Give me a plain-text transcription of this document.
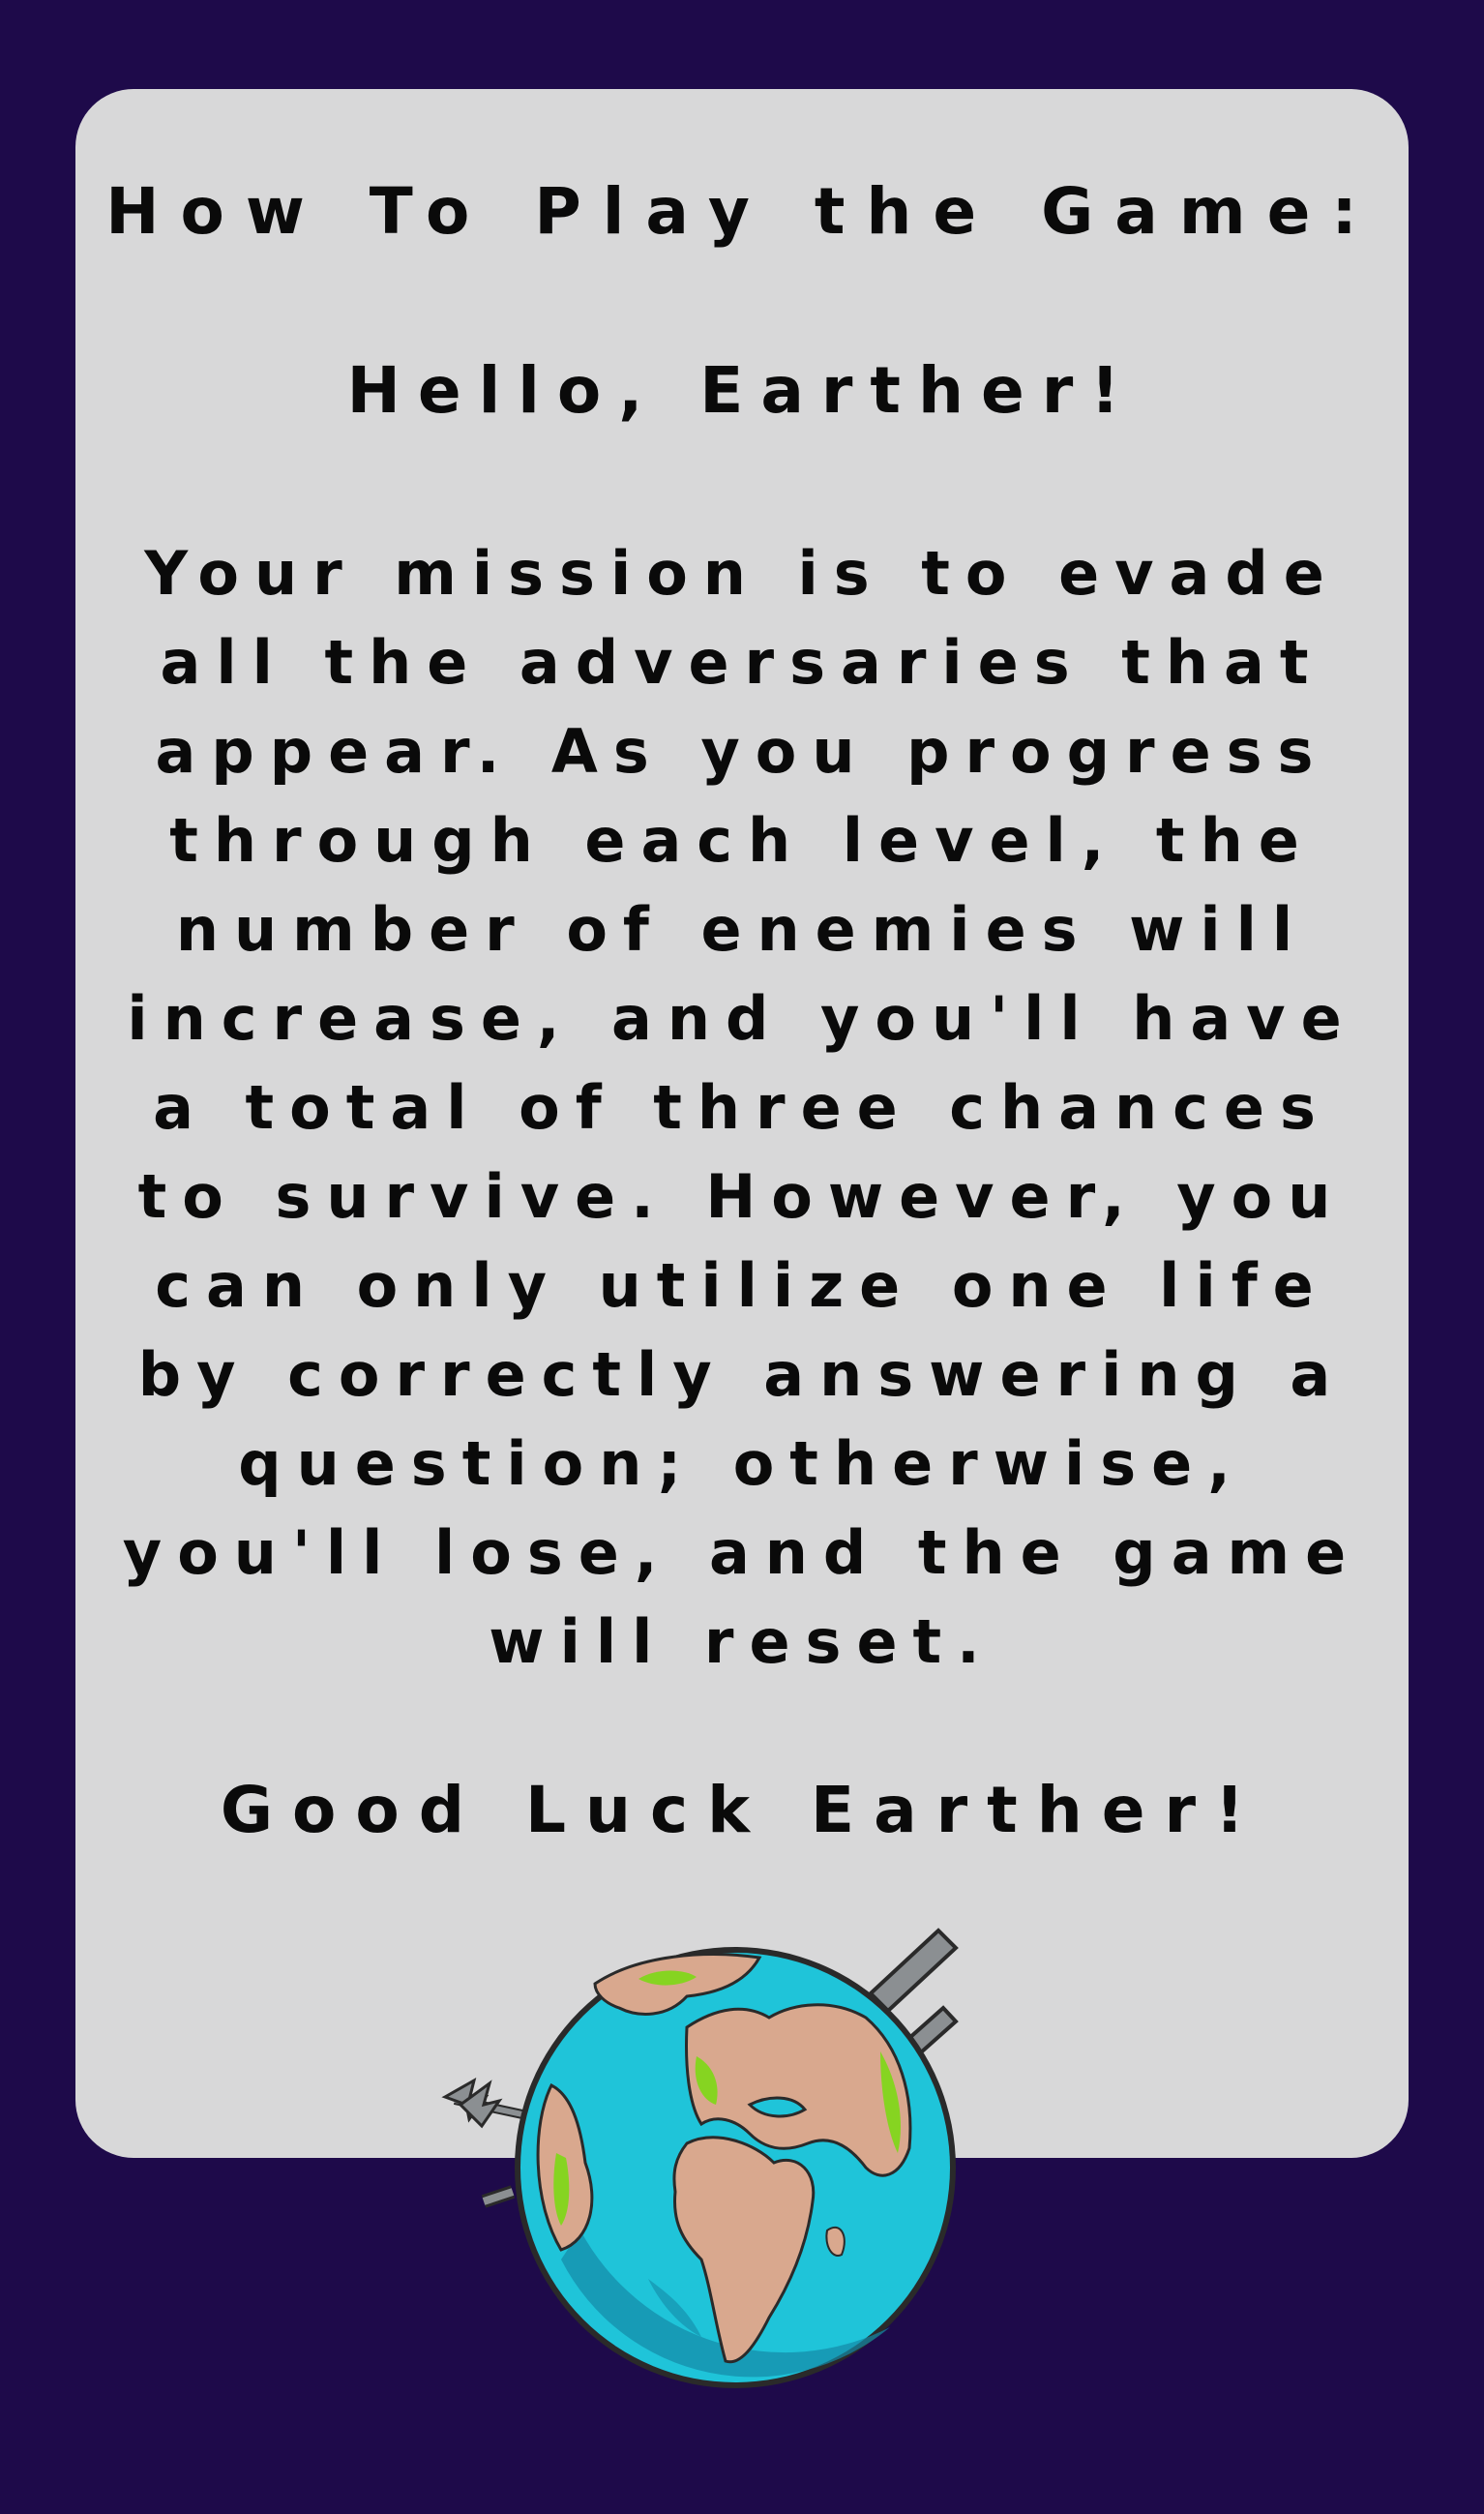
How To Play the Game:
Hello, Earther!
Your mission is to evade
all the adversaries that
appear. As you progress
through each level, the
number of enemies will
increase, and you'll have
a total of three chances
to survive. However, you
can only utilize one life
by correctly answering a
question; otherwise,
you'll lose, and the game
will reset.
Good Luck Earther!
